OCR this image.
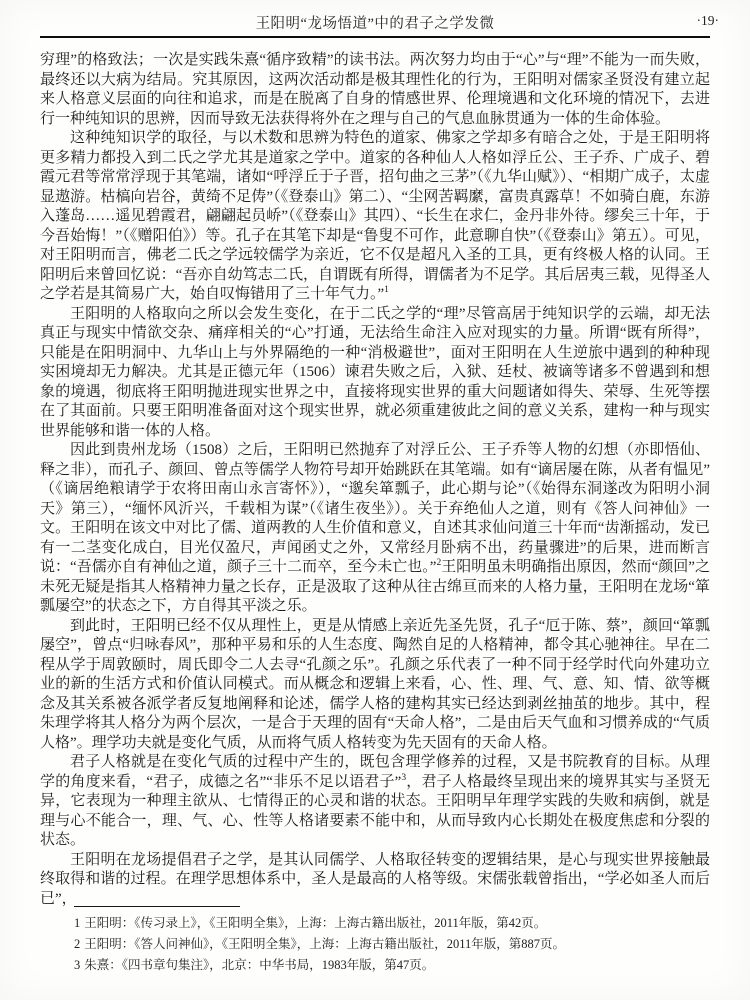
王阳明“龙场悟道”中的君子之学发微	·19·

穷理”的格致法；一次是实践朱熹“循序致精”的读书法。两次努力均由于“心”与“理”不能为一而失败，最终还以大病为结局。究其原因，这两次活动都是极其理性化的行为，王阳明对儒家圣贤没有建立起来人格意义层面的向往和追求，而是在脱离了自身的情感世界、伦理境遇和文化环境的情况下，去进行一种纯知识的思辨，因而导致无法获得将外在之理与自己的气息血脉贯通为一体的生命体验。

这种纯知识学的取径，与以术数和思辨为特色的道家、佛家之学却多有暗合之处，于是王阳明将更多精力都投入到二氏之学尤其是道家之学中。道家的各种仙人人格如浮丘公、王子乔、广成子、碧霞元君等常常浮现于其笔端，诸如“呼浮丘于子晋，招句曲之三茅”（《九华山赋》）、“相期广成子，太虚显遨游。枯槁向岩谷，黄绮不足俦”（《登泰山》第二）、“尘网苦羁縻，富贵真露草！不如骑白鹿，东游入蓬岛……遥见碧霞君，翩翩起员峤”（《登泰山》其四）、“长生在求仁，金丹非外待。缪矣三十年，于今吾始悔！”（《赠阳伯》）等。孔子在其笔下却是“鲁叟不可作，此意聊自快”（《登泰山》第五）。可见，对王阳明而言，佛老二氏之学远较儒学为亲近，它不仅是超凡入圣的工具，更有终极人格的认同。王阳明后来曾回忆说：“吾亦自幼笃志二氏，自谓既有所得，谓儒者为不足学。其后居夷三载，见得圣人之学若是其简易广大，始自叹悔错用了三十年气力。”$^1$

王阳明的人格取向之所以会发生变化，在于二氏之学的“理”尽管高居于纯知识学的云端，却无法真正与现实中情欲交杂、痛痒相关的“心”打通，无法给生命注入应对现实的力量。所谓“既有所得”，只能是在阳明洞中、九华山上与外界隔绝的一种“消极避世”，面对王阳明在人生逆旅中遇到的种种现实困境却无力解决。尤其是正德元年（1506）谏君失败之后，入狱、廷杖、被谪等诸多不曾遇到和想象的境遇，彻底将王阳明抛进现实世界之中，直接将现实世界的重大问题诸如得失、荣辱、生死等摆在了其面前。只要王阳明准备面对这个现实世界，就必须重建彼此之间的意义关系，建构一种与现实世界能够和谐一体的人格。

因此到贵州龙场（1508）之后，王阳明已然抛弃了对浮丘公、王子乔等人物的幻想（亦即悟仙、释之非），而孔子、颜回、曾点等儒学人物符号却开始跳跃在其笔端。如有“谪居屡在陈，从者有愠见”（《谪居绝粮请学于农将田南山永言寄怀》），“邈矣箪瓢子，此心期与论”（《始得东洞遂改为阳明小洞天》第三），“缅怀风沂兴，千载相为谋”（《诸生夜坐》）。关于弃绝仙人之道，则有《答人问神仙》一文。王阳明在该文中对比了儒、道两教的人生价值和意义，自述其求仙问道三十年而“齿渐摇动，发已有一二茎变化成白，目光仅盈尺，声闻函丈之外，又常经月卧病不出，药量骤进”的后果，进而断言说：“吾儒亦自有神仙之道，颜子三十二而卒，至今未亡也。”$^2$王阳明虽未明确指出原因，然而“颜回”之未死无疑是指其人格精神力量之长存，正是汲取了这种从往古绵亘而来的人格力量，王阳明在龙场“箪瓢屡空”的状态之下，方自得其平淡之乐。

到此时，王阳明已经不仅从理性上，更是从情感上亲近先圣先贤，孔子“厄于陈、蔡”，颜回“箪瓢屡空”，曾点“归咏春风”，那种平易和乐的人生态度、陶然自足的人格精神，都令其心驰神往。早在二程从学于周敦颐时，周氏即令二人去寻“孔颜之乐”。孔颜之乐代表了一种不同于经学时代向外建功立业的新的生活方式和价值认同模式。而从概念和逻辑上来看，心、性、理、气、意、知、情、欲等概念及其关系被各派学者反复地阐释和论述，儒学人格的建构其实已经达到剥丝抽茧的地步。其中，程朱理学将其人格分为两个层次，一是合于天理的固有“天命人格”，二是由后天气血和习惯养成的“气质人格”。理学功夫就是变化气质，从而将气质人格转变为先天固有的天命人格。

君子人格就是在变化气质的过程中产生的，既包含理学修养的过程，又是书院教育的目标。从理学的角度来看，“君子，成德之名”“非乐不足以语君子”$^3$，君子人格最终呈现出来的境界其实与圣贤无异，它表现为一种理主欲从、七情得正的心灵和谐的状态。王阳明早年理学实践的失败和病倒，就是理与心不能合一，理、气、心、性等人格诸要素不能中和，从而导致内心长期处在极度焦虑和分裂的状态。

王阳明在龙场提倡君子之学，是其认同儒学、人格取径转变的逻辑结果，是心与现实世界接触最终取得和谐的过程。在理学思想体系中，圣人是最高的人格等级。宋儒张载曾指出，“学必如圣人而后已”，

1 王阳明：《传习录上》，《王阳明全集》，上海：上海古籍出版社，2011年版，第42页。
2 王阳明：《答人问神仙》，《王阳明全集》，上海：上海古籍出版社，2011年版，第887页。
3 朱熹：《四书章句集注》，北京：中华书局，1983年版，第47页。
